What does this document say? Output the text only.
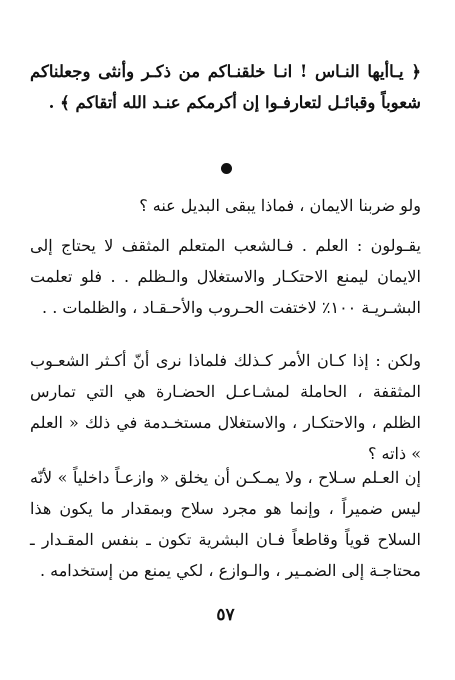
﴿ يـاأيها النـاس ! انـا خلقنـاكم من ذكـر وأنثى وجعلناكم شعوباً وقبائـل لتعارفـوا إن أكرمكم عنـد الله أتقاكم ﴾ .

ولو ضربنا الايمان ، فماذا يبقى البديل عنه ؟

يقـولون : العلم . فـالشعب المتعلم المثقف لا يحتاج إلى الايمان ليمنع الاحتكـار والاستغلال والـظلم . . فلو تعلمت البشـريـة ١٠٠٪ لاختفت الحـروب والأحـقـاد ، والظلمات . .

ولكن : إذا كـان الأمر كـذلك فلماذا نرى أنّ أكـثر الشعـوب المثقفة ، الحاملة لمشـاعـل الحضـارة هي التي تمارس الظلم ، والاحتكـار ، والاستغلال مستخـدمة في ذلك « العلم » ذاته ؟

إن العـلم سـلاح ، ولا يمـكـن أن يخلق « وازعـاً داخلياً » لأنّه ليس ضميراً ، وإنما هو مجرد سلاح وبمقدار ما يكون هذا السلاح قوياً وقاطعاً فـان البشرية تكون ـ بنفس المقـدار ـ محتاجـة إلى الضمـير ، والـوازع ، لكي يمنع من إستخدامه .

٥٧
